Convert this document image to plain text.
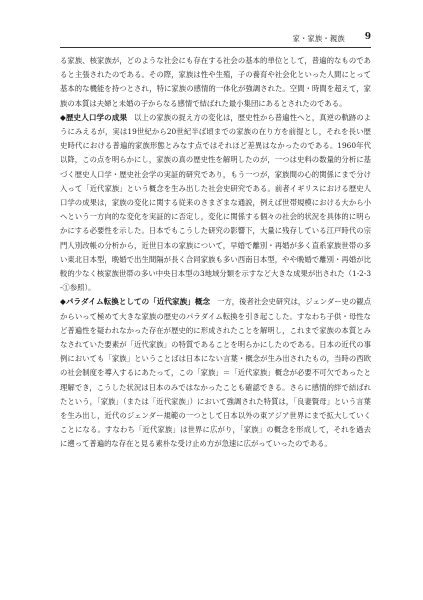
家・家族・親族 9

る家族、核家族が，どのような社会にも存在する社会の基本的単位として，普遍的なものであると主張されたのである。その際，家族は性や生殖，子の養育や社会化といった人間にとって基本的な機能を持つとされ，特に家族の感情的一体化が強調された。空間・時間を超えて，家族の本質は夫婦と未婚の子からなる感情で結ばれた最小集団にあるとされたのである。

◆歴史人口学の成果 以上の家族の捉え方の変化は，歴史性から普遍性へと，真逆の軌跡のようにみえるが，実は19世紀から20世紀半ば頃までの家族の在り方を前提とし，それを長い歴史時代における普遍的家族形態とみなす点ではそれほど差異はなかったのである。1960年代以降，この点を明らかにし，家族の真の歴史性を解明したのが，一つは史料の数量的分析に基づく歴史人口学・歴史社会学の実証的研究であり，もう一つが，家族間の心的関係にまで分け入って「近代家族」という概念を生み出した社会史研究である。前者イギリスにおける歴史人口学の成果は，家族の変化に関する従来のさまざまな通説，例えば世帯規模における大から小へという一方向的な変化を実証的に否定し，変化に関係する個々の社会的状況を具体的に明らかにする必要性を示した。日本でもこうした研究の影響下，大量に残存している江戸時代の宗門人別改帳の分析から，近世日本の家族について，早婚で離別・再婚が多く直系家族世帯の多い東北日本型，晩婚で出生間隔が長く合同家族も多い西南日本型，やや晩婚で離別・再婚が比較的少なく核家族世帯の多い中央日本型の3地域分類を示すなど大きな成果が出された（1-2-3-①参照）。

◆パラダイム転換としての「近代家族」概念 一方，後者社会史研究は，ジェンダー史の観点からいって極めて大きな家族の歴史のパラダイム転換を引き起こした。すなわち子供・母性など普遍性を疑われなかった存在が歴史的に形成されたことを解明し，これまで家族の本質とみなされていた要素が「近代家族」の特質であることを明らかにしたのである。日本の近代の事例においても「家族」ということばは日本にない言葉・概念が生み出されたもの，当時の西欧の社会制度を導入するにあたって，この「家族」＝「近代家族」概念が必要不可欠であったと理解でき，こうした状況は日本のみではなかったことも確認できる。さらに感情的絆で結ばれたという，「家族」（または「近代家族」）において強調された特質は，「良妻賢母」という言葉を生み出し，近代のジェンダー規範の一つとして日本以外の東アジア世界にまで拡大していくことになる。すなわち「近代家族」は世界に広がり，「家族」の概念を形成して，それを過去に遡って普遍的な存在と見る素朴な受け止め方が急速に広がっていったのである。
